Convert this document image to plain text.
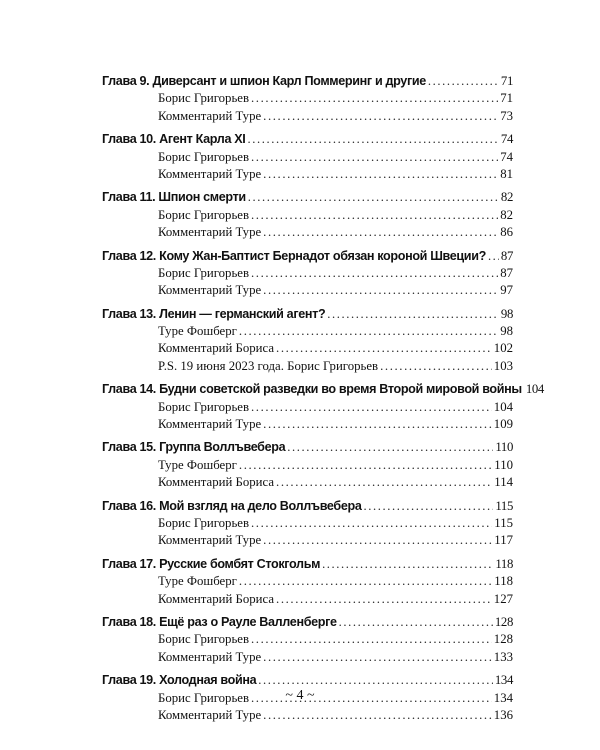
Глава 9. Диверсант и шпион Карл Поммеринг и другие .....	71
Борис Григорьев .....	71
Комментарий Туре .....	73
Глава 10. Агент Карла XI .....	74
Борис Григорьев .....	74
Комментарий Туре .....	81
Глава 11. Шпион смерти .....	82
Борис Григорьев .....	82
Комментарий Туре .....	86
Глава 12. Кому Жан-Баптист Бернадот обязан короной Швеции? ..... 87
Борис Григорьев .....	87
Комментарий Туре .....	97
Глава 13. Ленин — германский агент? .....	98
Туре Фошберг .....	98
Комментарий Бориса .....	102
P.S. 19 июня 2023 года. Борис Григорьев .....	103
Глава 14. Будни советской разведки во время Второй мировой войны 104
Борис Григорьев .....	104
Комментарий Туре .....	109
Глава 15. Группа Воллъвебера .....	110
Туре Фошберг .....	110
Комментарий Бориса .....	114
Глава 16. Мой взгляд на дело Воллъвебера .....	115
Борис Григорьев .....	115
Комментарий Туре .....	117
Глава 17. Русские бомбят Стокгольм .....	118
Туре Фошберг .....	118
Комментарий Бориса .....	127
Глава 18. Ещё раз о Рауле Валленберге .....	128
Борис Григорьев .....	128
Комментарий Туре .....	133
Глава 19. Холодная война .....	134
Борис Григорьев .....	134
Комментарий Туре .....	136
~ 4 ~
